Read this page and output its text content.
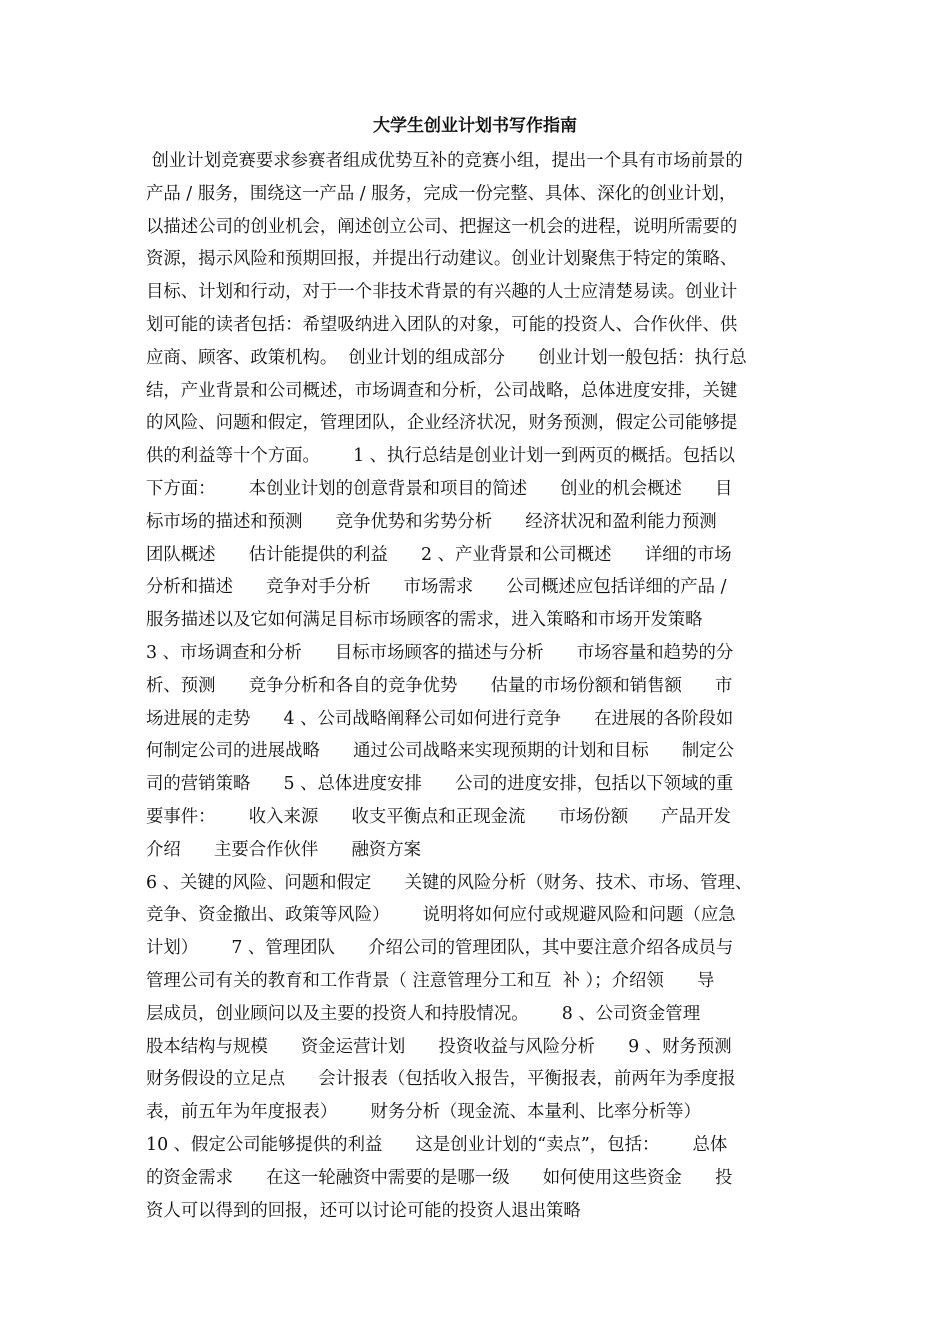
大学生创业计划书写作指南
创业计划竞赛要求参赛者组成优势互补的竞赛小组，提出一个具有市场前景的
产品 / 服务，围绕这一产品 / 服务，完成一份完整、具体、深化的创业计划，
以描述公司的创业机会，阐述创立公司、把握这一机会的进程，说明所需要的
资源，揭示风险和预期回报，并提出行动建议。创业计划聚焦于特定的策略、
目标、计划和行动，对于一个非技术背景的有兴趣的人士应清楚易读。创业计
划可能的读者包括：希望吸纳进入团队的对象，可能的投资人、合作伙伴、供
应商、顾客、政策机构。  创业计划的组成部分      创业计划一般包括：执行总
结，产业背景和公司概述，市场调查和分析，公司战略，总体进度安排，关键
的风险、问题和假定，管理团队，企业经济状况，财务预测，假定公司能够提
供的利益等十个方面。      1 、执行总结是创业计划一到两页的概括。包括以
下方面：      本创业计划的创意背景和项目的简述      创业的机会概述      目
标市场的描述和预测      竞争优势和劣势分析      经济状况和盈利能力预测
团队概述      估计能提供的利益      2 、产业背景和公司概述      详细的市场
分析和描述      竞争对手分析      市场需求      公司概述应包括详细的产品 /
服务描述以及它如何满足目标市场顾客的需求，进入策略和市场开发策略
3 、市场调查和分析      目标市场顾客的描述与分析      市场容量和趋势的分
析、预测      竞争分析和各自的竞争优势      估量的市场份额和销售额      市
场进展的走势      4 、公司战略阐释公司如何进行竞争      在进展的各阶段如
何制定公司的进展战略      通过公司战略来实现预期的计划和目标      制定公
司的营销策略      5 、总体进度安排      公司的进度安排，包括以下领域的重
要事件：      收入来源      收支平衡点和正现金流      市场份额      产品开发
介绍      主要合作伙伴      融资方案
6 、关键的风险、问题和假定      关键的风险分析（财务、技术、市场、管理、
竞争、资金撤出、政策等风险）      说明将如何应付或规避风险和问题（应急
计划）      7 、管理团队      介绍公司的管理团队，其中要注意介绍各成员与
管理公司有关的教育和工作背景（ 注意管理分工和互  补 ）；介绍领      导
层成员，创业顾问以及主要的投资人和持股情况。      8 、公司资金管理
股本结构与规模      资金运营计划      投资收益与风险分析      9 、财务预测
财务假设的立足点      会计报表（包括收入报告，平衡报表，前两年为季度报
表，前五年为年度报表）      财务分析（现金流、本量利、比率分析等）
10 、假定公司能够提供的利益      这是创业计划的“卖点”，包括：      总体
的资金需求      在这一轮融资中需要的是哪一级      如何使用这些资金      投
资人可以得到的回报，还可以讨论可能的投资人退出策略
